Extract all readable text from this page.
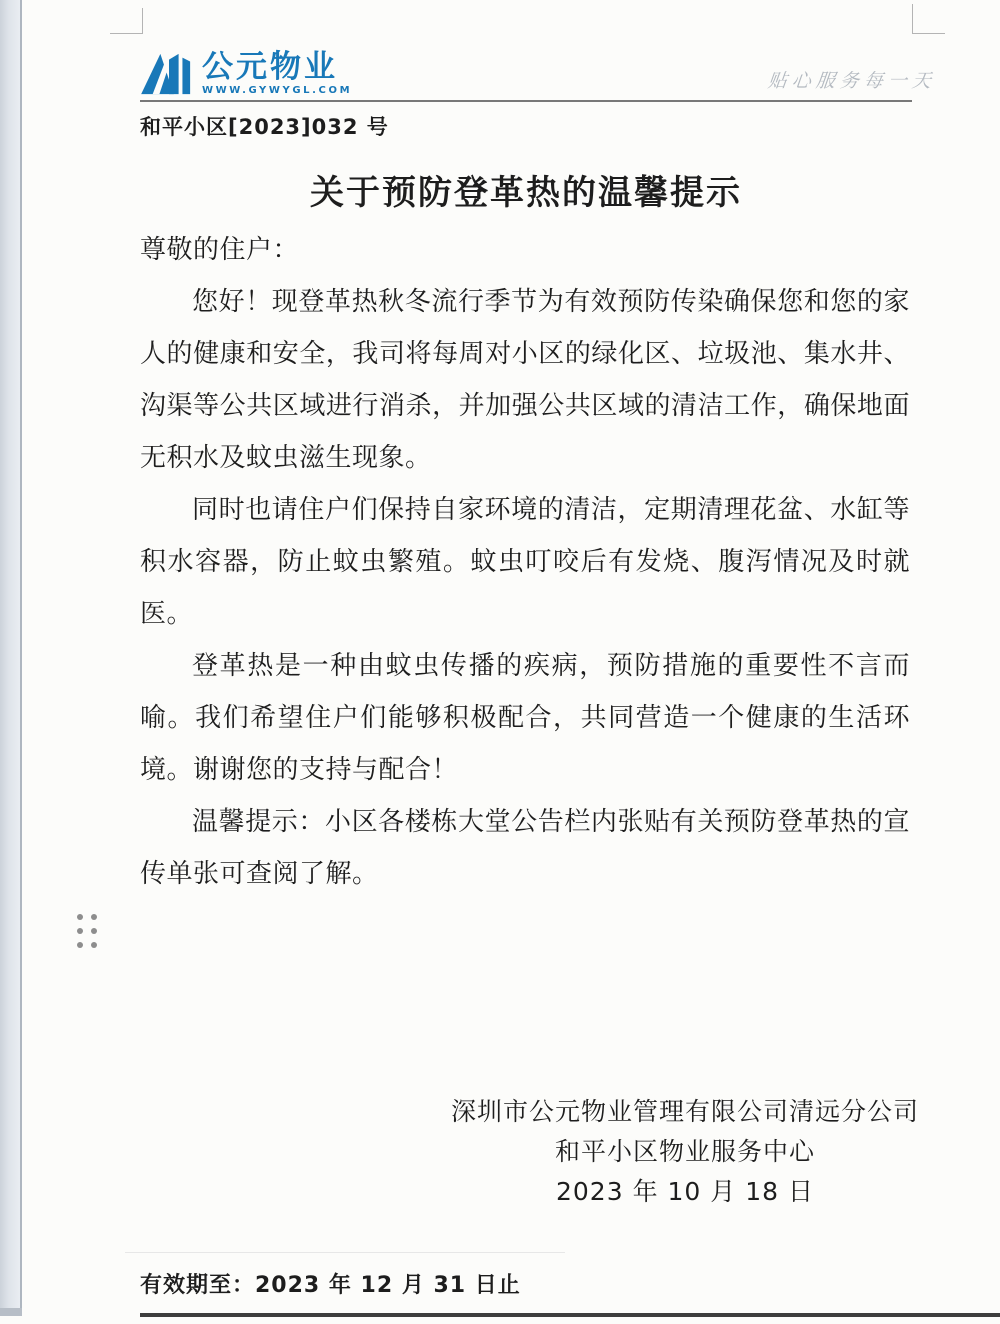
公元物业
WWW.GYWYGL.COM	贴心服务每一天
和平小区[2023]032 号
关于预防登革热的温馨提示

尊敬的住户：

您好！现登革热秋冬流行季节为有效预防传染确保您和您的家人的健康和安全，我司将每周对小区的绿化区、垃圾池、集水井、沟渠等公共区域进行消杀，并加强公共区域的清洁工作，确保地面无积水及蚊虫滋生现象。

同时也请住户们保持自家环境的清洁，定期清理花盆、水缸等积水容器，防止蚊虫繁殖。蚊虫叮咬后有发烧、腹泻情况及时就医。

登革热是一种由蚊虫传播的疾病，预防措施的重要性不言而喻。我们希望住户们能够积极配合，共同营造一个健康的生活环境。谢谢您的支持与配合！

温馨提示：小区各楼栋大堂公告栏内张贴有关预防登革热的宣传单张可查阅了解。

深圳市公元物业管理有限公司清远分公司
和平小区物业服务中心
2023 年 10 月 18 日
有效期至：2023 年 12 月 31 日止
